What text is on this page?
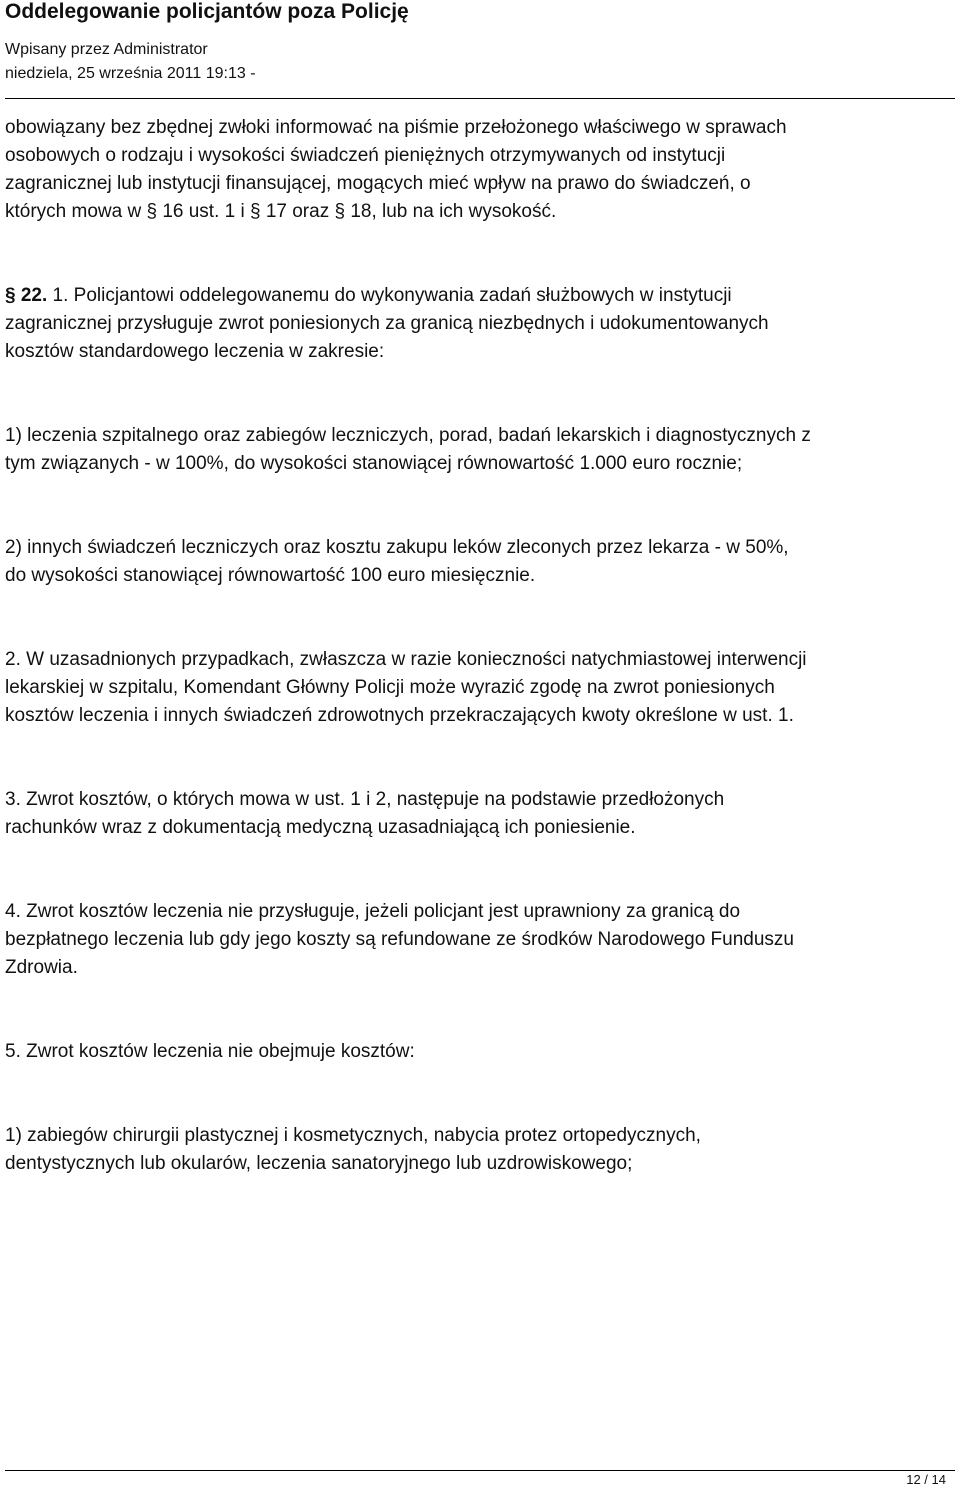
Oddelegowanie policjantów poza Policję
Wpisany przez Administrator
niedziela, 25 września 2011 19:13 -

obowiązany bez zbędnej zwłoki informować na piśmie przełożonego właściwego w sprawach
osobowych o rodzaju i wysokości świadczeń pieniężnych otrzymywanych od instytucji
zagranicznej lub instytucji finansującej, mogących mieć wpływ na prawo do świadczeń, o
których mowa w § 16 ust. 1 i § 17 oraz § 18, lub na ich wysokość.

§ 22. 1. Policjantowi oddelegowanemu do wykonywania zadań służbowych w instytucji
zagranicznej przysługuje zwrot poniesionych za granicą niezbędnych i udokumentowanych
kosztów standardowego leczenia w zakresie:

1) leczenia szpitalnego oraz zabiegów leczniczych, porad, badań lekarskich i diagnostycznych z
tym związanych - w 100%, do wysokości stanowiącej równowartość 1.000 euro rocznie;

2) innych świadczeń leczniczych oraz kosztu zakupu leków zleconych przez lekarza - w 50%,
do wysokości stanowiącej równowartość 100 euro miesięcznie.

2. W uzasadnionych przypadkach, zwłaszcza w razie konieczności natychmiastowej interwencji
lekarskiej w szpitalu, Komendant Główny Policji może wyrazić zgodę na zwrot poniesionych
kosztów leczenia i innych świadczeń zdrowotnych przekraczających kwoty określone w ust. 1.

3. Zwrot kosztów, o których mowa w ust. 1 i 2, następuje na podstawie przedłożonych
rachunków wraz z dokumentacją medyczną uzasadniającą ich poniesienie.

4. Zwrot kosztów leczenia nie przysługuje, jeżeli policjant jest uprawniony za granicą do
bezpłatnego leczenia lub gdy jego koszty są refundowane ze środków Narodowego Funduszu
Zdrowia.

5. Zwrot kosztów leczenia nie obejmuje kosztów:

1) zabiegów chirurgii plastycznej i kosmetycznych, nabycia protez ortopedycznych,
dentystycznych lub okularów, leczenia sanatoryjnego lub uzdrowiskowego;

12 / 14
